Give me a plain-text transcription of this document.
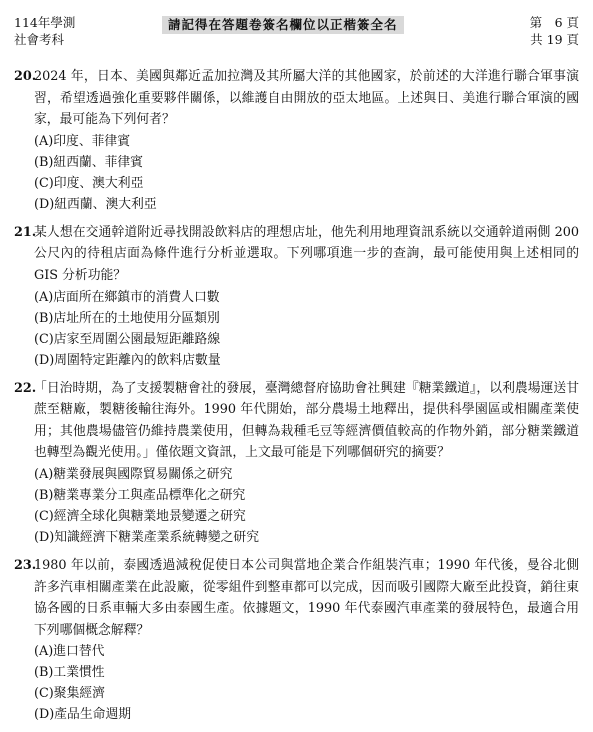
114年學測
社會考科
請記得在答題卷簽名欄位以正楷簽全名	第　6 頁
共 19 頁
20.
2024 年，日本、美國與鄰近孟加拉灣及其所屬大洋的其他國家，於前述的大洋進行聯合軍事演習，希望透過強化重要夥伴關係，以維護自由開放的亞太地區。上述與日、美進行聯合軍演的國家，最可能為下列何者？
(A)印度、菲律賓
(B)紐西蘭、菲律賓
(C)印度、澳大利亞
(D)紐西蘭、澳大利亞
21.
某人想在交通幹道附近尋找開設飲料店的理想店址，他先利用地理資訊系統以交通幹道兩側 200 公尺內的待租店面為條件進行分析並選取。下列哪項進一步的查詢，最可能使用與上述相同的 GIS 分析功能？
(A)店面所在鄉鎮市的消費人口數
(B)店址所在的土地使用分區類別
(C)店家至周圍公園最短距離路線
(D)周圍特定距離內的飲料店數量
22.
「日治時期，為了支援製糖會社的發展，臺灣總督府協助會社興建『糖業鐵道』，以利農場運送甘蔗至糖廠，製糖後輸往海外。1990 年代開始，部分農場土地釋出，提供科學園區或相關產業使用；其他農場儘管仍維持農業使用，但轉為栽種毛豆等經濟價值較高的作物外銷，部分糖業鐵道也轉型為觀光使用。」僅依題文資訊，上文最可能是下列哪個研究的摘要？
(A)糖業發展與國際貿易關係之研究
(B)糖業專業分工與產品標準化之研究
(C)經濟全球化與糖業地景變遷之研究
(D)知識經濟下糖業產業系統轉變之研究
23.
1980 年以前，泰國透過減稅促使日本公司與當地企業合作組裝汽車；1990 年代後，曼谷北側許多汽車相關產業在此設廠，從零組件到整車都可以完成，因而吸引國際大廠至此投資，銷往東協各國的日系車輛大多由泰國生產。依據題文，1990 年代泰國汽車產業的發展特色，最適合用下列哪個概念解釋？
(A)進口替代
(B)工業慣性
(C)聚集經濟
(D)產品生命週期
